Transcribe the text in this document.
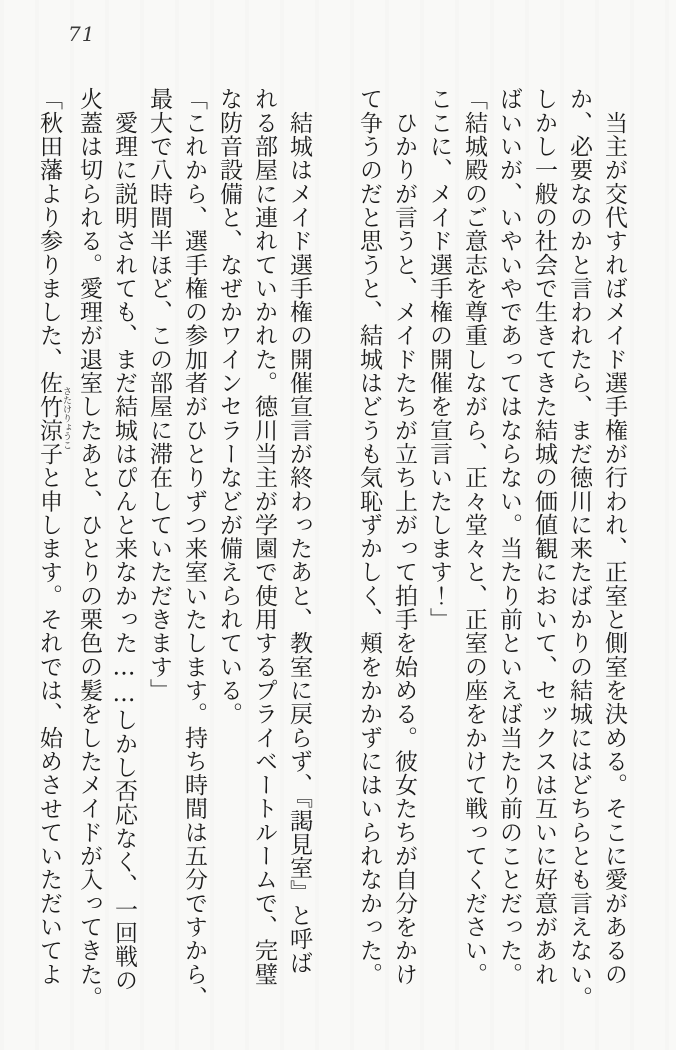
71
　当主が交代すればメイド選手権が行われ、正室と側室を決める。そこに愛があるの
か、必要なのかと言われたら、まだ徳川に来たばかりの結城にはどちらとも言えない。
しかし一般の社会で生きてきた結城の価値観において、セックスは互いに好意があれ
ばいいが、いやいやであってはならない。当たり前といえば当たり前のことだった。
「結城殿のご意志を尊重しながら、正々堂々と、正室の座をかけて戦ってください。
ここに、メイド選手権の開催を宣言いたします！」
　ひかりが言うと、メイドたちが立ち上がって拍手を始める。彼女たちが自分をかけ
て争うのだと思うと、結城はどうも気恥ずかしく、頬をかかずにはいられなかった。
　結城はメイド選手権の開催宣言が終わったあと、教室に戻らず、『謁見室』と呼ば
れる部屋に連れていかれた。徳川当主が学園で使用するプライベートルームで、完璧
な防音設備と、なぜかワインセラーなどが備えられている。
「これから、選手権の参加者がひとりずつ来室いたします。持ち時間は五分ですから、
最大で八時間半ほど、この部屋に滞在していただきます」
　愛理に説明されても、まだ結城はぴんと来なかった……しかし否応なく、一回戦の
火蓋は切られる。愛理が退室したあと、ひとりの栗色の髪をしたメイドが入ってきた。
「秋田藩より参りました、佐竹涼子 さたけりょうこと申します。それでは、始めさせていただいてよ
